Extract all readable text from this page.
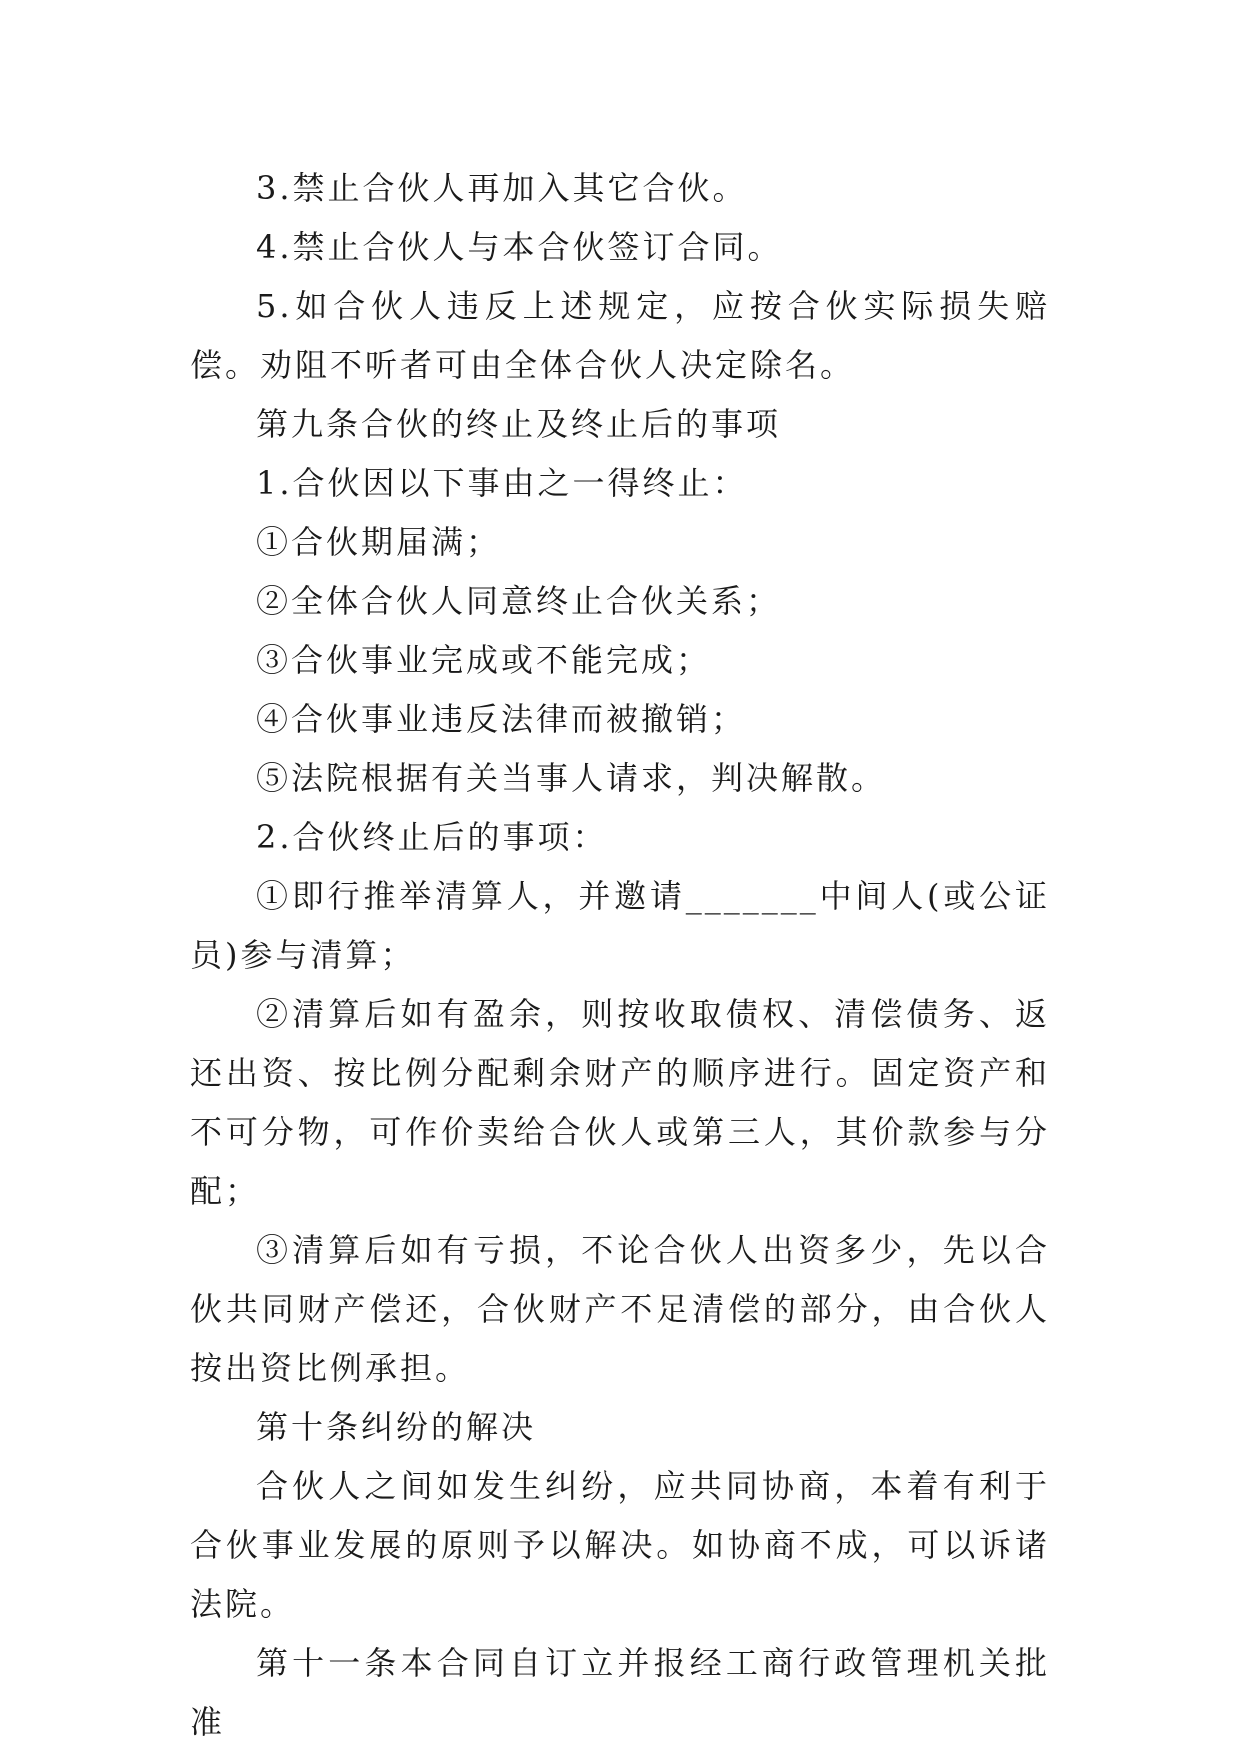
3.禁止合伙人再加入其它合伙。

4.禁止合伙人与本合伙签订合同。

5.如合伙人违反上述规定，应按合伙实际损失赔偿。劝阻不听者可由全体合伙人决定除名。

第九条合伙的终止及终止后的事项

1.合伙因以下事由之一得终止：

①合伙期届满；

②全体合伙人同意终止合伙关系；

③合伙事业完成或不能完成；

④合伙事业违反法律而被撤销；

⑤法院根据有关当事人请求，判决解散。

2.合伙终止后的事项：

①即行推举清算人，并邀请_______中间人(或公证员)参与清算；

②清算后如有盈余，则按收取债权、清偿债务、返还出资、按比例分配剩余财产的顺序进行。固定资产和不可分物，可作价卖给合伙人或第三人，其价款参与分配；

③清算后如有亏损，不论合伙人出资多少，先以合伙共同财产偿还，合伙财产不足清偿的部分，由合伙人按出资比例承担。

第十条纠纷的解决

合伙人之间如发生纠纷，应共同协商，本着有利于合伙事业发展的原则予以解决。如协商不成，可以诉诸法院。

第十一条本合同自订立并报经工商行政管理机关批准
